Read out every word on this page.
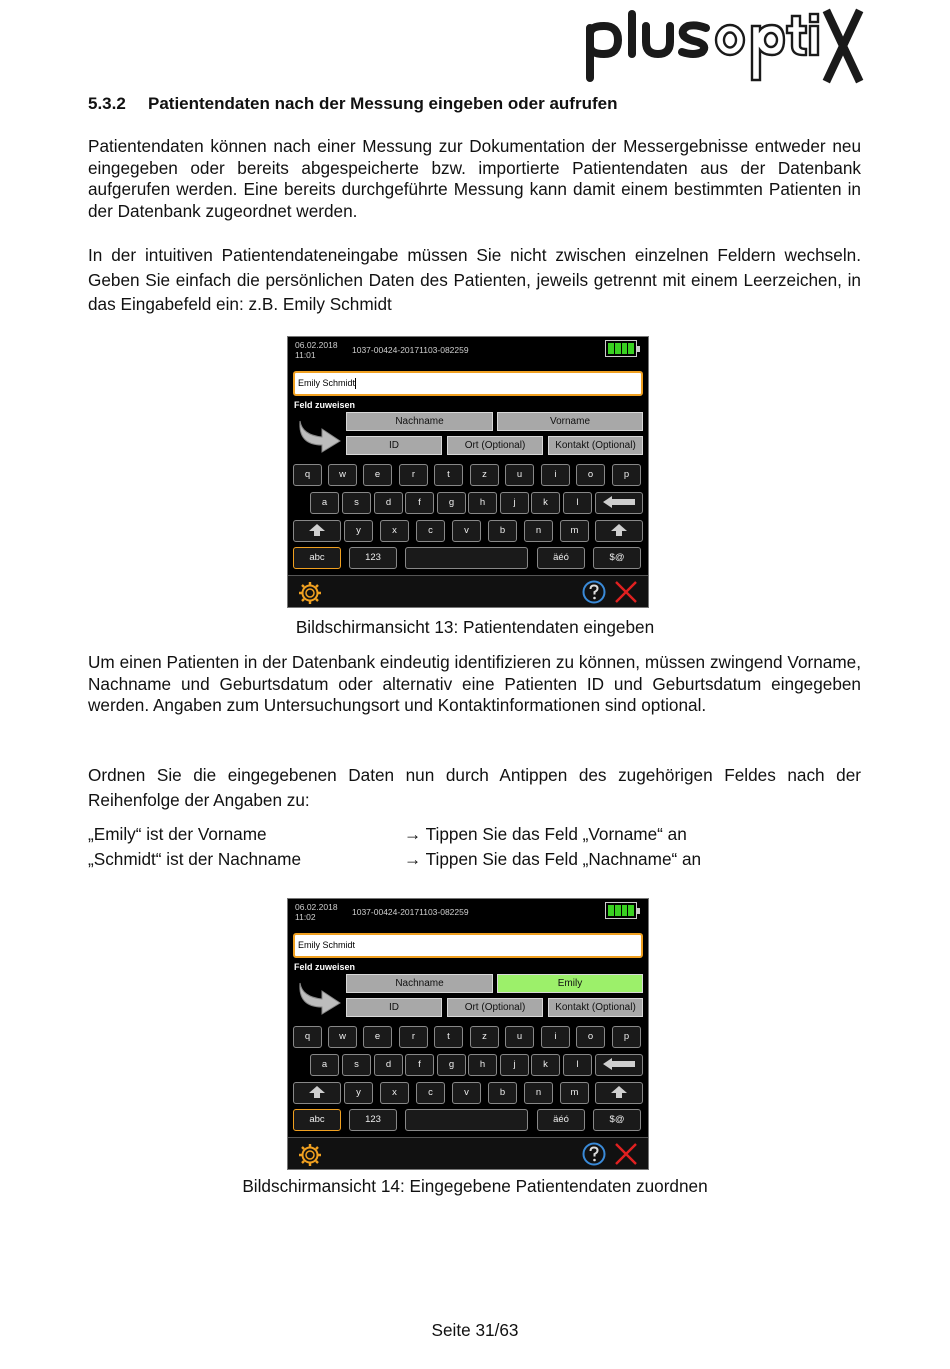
5.3.2 Patientendaten nach der Messung eingeben oder aufrufen

Patientendaten können nach einer Messung zur Dokumentation der Messergebnisse entweder neu eingegeben oder bereits abgespeicherte bzw. importierte Patientendaten aus der Datenbank aufgerufen werden. Eine bereits durchgeführte Messung kann damit einem bestimmten Patienten in der Datenbank zugeordnet werden.

In der intuitiven Patientendateneingabe müssen Sie nicht zwischen einzelnen Feldern wechseln. Geben Sie einfach die persönlichen Daten des Patienten, jeweils getrennt mit einem Leerzeichen, in das Eingabefeld ein: z.B. Emily Schmidt

06.02.2018
11:01	1037-00424-20171103-082259
Emily Schmidt
Feld zuweisen
Nachname	Vorname
ID	Ort (Optional)	Kontakt (Optional)
q	w	e	r	t	z	u	i	o	p
a	s	d	f	g	h	j	k	l
y	x	c	v	b	n	m
abc	123	äéó	$@
Bildschirmansicht 13: Patientendaten eingeben

Um einen Patienten in der Datenbank eindeutig identifizieren zu können, müssen zwingend Vorname, Nachname und Geburtsdatum oder alternativ eine Patienten ID und Geburtsdatum eingegeben werden. Angaben zum Untersuchungsort und Kontaktinformationen sind optional.

Ordnen Sie die eingegebenen Daten nun durch Antippen des zugehörigen Feldes nach der Reihenfolge der Angaben zu:

„Emily“ ist der Vorname	→ Tippen Sie das Feld „Vorname“ an
„Schmidt“ ist der Nachname	→ Tippen Sie das Feld „Nachname“ an
06.02.2018
11:02	1037-00424-20171103-082259
Emily Schmidt
Feld zuweisen
Nachname	Emily
ID	Ort (Optional)	Kontakt (Optional)
q	w	e	r	t	z	u	i	o	p
a	s	d	f	g	h	j	k	l
y	x	c	v	b	n	m
abc	123	äéó	$@
Bildschirmansicht 14: Eingegebene Patientendaten zuordnen
Seite 31/63
